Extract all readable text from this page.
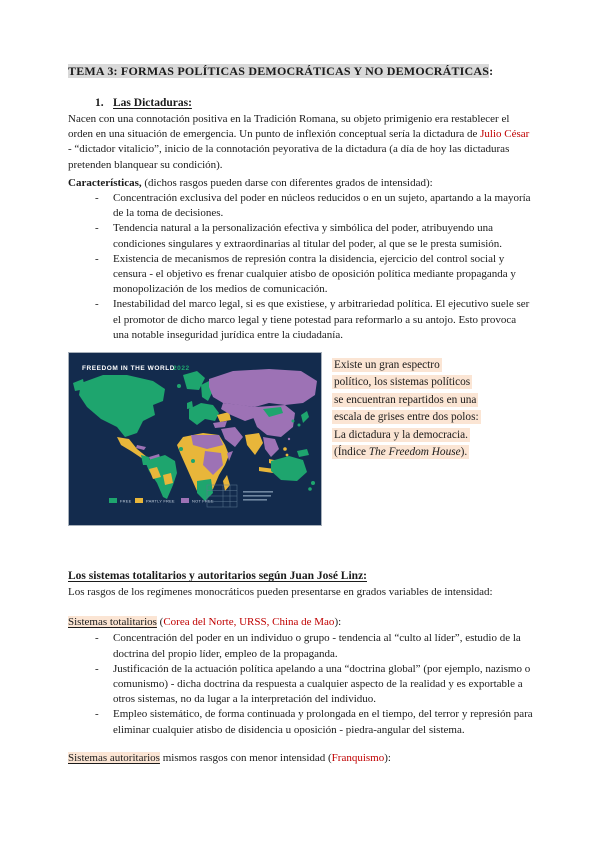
TEMA 3: FORMAS POLÍTICAS DEMOCRÁTICAS Y NO DEMOCRÁTICAS:
1. Las Dictaduras:

Nacen con una connotación positiva en la Tradición Romana, su objeto primigenio era restablecer el orden en una situación de emergencia. Un punto de inflexión conceptual sería la dictadura de Julio César - “dictador vitalicio”, inicio de la connotación peyorativa de la dictadura (a día de hoy las dictaduras pretenden blanquear su condición).

Características, (dichos rasgos pueden darse con diferentes grados de intensidad):

-	Concentración exclusiva del poder en núcleos reducidos o en un sujeto, apartando a la mayoría de la toma de decisiones.
-	Tendencia natural a la personalización efectiva y simbólica del poder, atribuyendo una condiciones singulares y extraordinarias al titular del poder, al que se le presta sumisión.
-	Existencia de mecanismos de represión contra la disidencia, ejercicio del control social y censura - el objetivo es frenar cualquier atisbo de oposición política mediante propaganda y monopolización de los medios de comunicación.
-	Inestabilidad del marco legal, si es que existiese, y arbitrariedad política. El ejecutivo suele ser el promotor de dicho marco legal y tiene potestad para reformarlo a su antojo. Esto provoca una notable inseguridad jurídica entre la ciudadanía.
FREEDOM IN THE WORLD
2022
FREE	PARTLY FREE	NOT FREE
Existe un gran espectro
político, los sistemas políticos
se encuentran repartidos en una
escala de grises entre dos polos:
La dictadura y la democracia.
(Índice The Freedom House).
Los sistemas totalitarios y autoritarios según Juan José Linz:

Los rasgos de los regímenes monocráticos pueden presentarse en grados variables de intensidad:

Sistemas totalitarios (Corea del Norte, URSS, China de Mao):

-	Concentración del poder en un individuo o grupo - tendencia al “culto al líder”, estudio de la doctrina del propio líder, empleo de la propaganda.
-	Justificación de la actuación política apelando a una “doctrina global” (por ejemplo, nazismo o comunismo) - dicha doctrina da respuesta a cualquier aspecto de la realidad y es exportable a otros sistemas, no da lugar a la interpretación del individuo.
-	Empleo sistemático, de forma continuada y prolongada en el tiempo, del terror y represión para eliminar cualquier atisbo de disidencia u oposición - piedra-angular del sistema.

Sistemas autoritarios mismos rasgos con menor intensidad (Franquismo):
